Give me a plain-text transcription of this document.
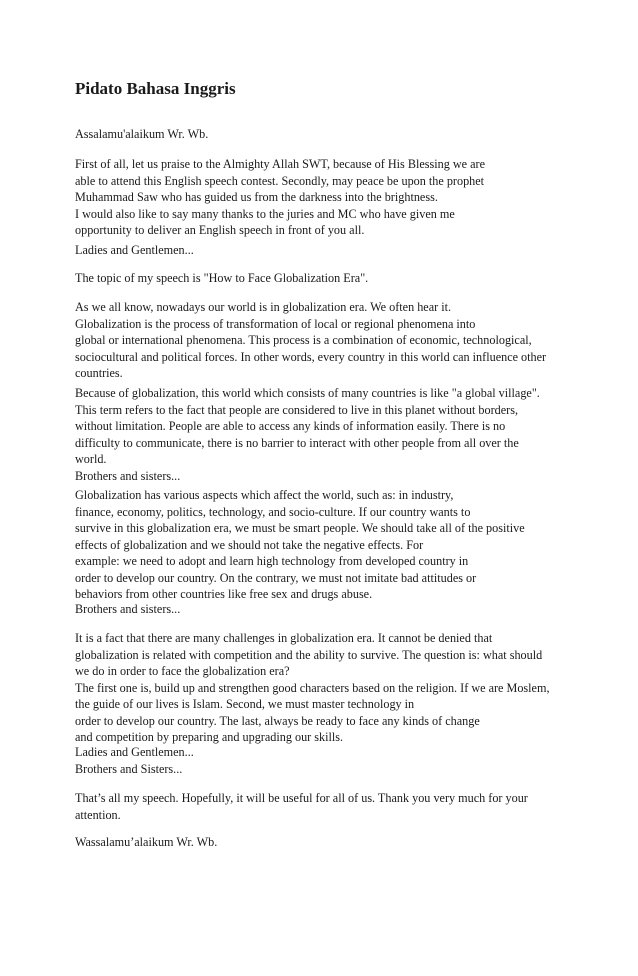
Pidato Bahasa Inggris

Assalamu'alaikum Wr. Wb.

First of all, let us praise to the Almighty Allah SWT, because of His Blessing we are
able to attend this English speech contest. Secondly, may peace be upon the prophet
Muhammad Saw who has guided us from the darkness into the brightness.
I would also like to say many thanks to the juries and MC who have given me
opportunity to deliver an English speech in front of you all.

Ladies and Gentlemen...

The topic of my speech is "How to Face Globalization Era".

As we all know, nowadays our world is in globalization era. We often hear it.
Globalization is the process of transformation of local or regional phenomena into
global or international phenomena. This process is a combination of economic, technological,
sociocultural and political forces. In other words, every country in this world can influence other
countries.

Because of globalization, this world which consists of many countries is like "a global village".
This term refers to the fact that people are considered to live in this planet without borders,
without limitation. People are able to access any kinds of information easily. There is no
difficulty to communicate, there is no barrier to interact with other people from all over the
world.
Brothers and sisters...

Globalization has various aspects which affect the world, such as: in industry,
finance, economy, politics, technology, and socio-culture. If our country wants to
survive in this globalization era, we must be smart people. We should take all of the positive
effects of globalization and we should not take the negative effects. For
example: we need to adopt and learn high technology from developed country in
order to develop our country. On the contrary, we must not imitate bad attitudes or
behaviors from other countries like free sex and drugs abuse.

Brothers and sisters...

It is a fact that there are many challenges in globalization era. It cannot be denied that
globalization is related with competition and the ability to survive. The question is: what should
we do in order to face the globalization era?
The first one is, build up and strengthen good characters based on the religion. If we are Moslem,
the guide of our lives is Islam. Second, we must master technology in
order to develop our country. The last, always be ready to face any kinds of change
and competition by preparing and upgrading our skills.

Ladies and Gentlemen...
Brothers and Sisters...

That’s all my speech. Hopefully, it will be useful for all of us. Thank you very much for your
attention.

Wassalamu’alaikum Wr. Wb.
